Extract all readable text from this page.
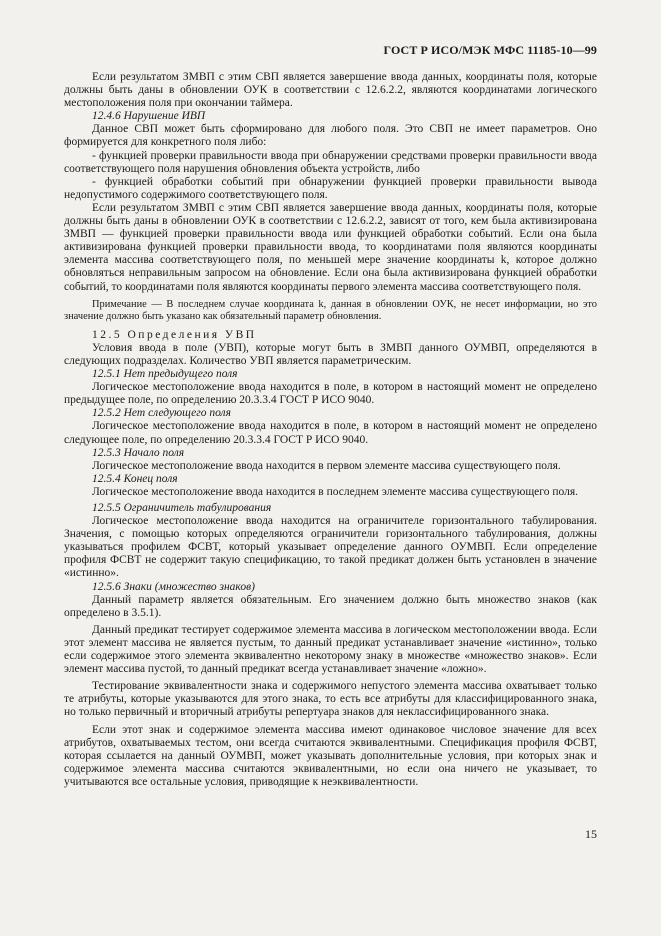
ГОСТ Р ИСО/МЭК МФС 11185-10—99

Если результатом ЗМВП с этим СВП является завершение ввода данных, координаты поля, которые должны быть даны в обновлении ОУК в соответствии с 12.6.2.2, являются координатами логического местоположения поля при окончании таймера.

12.4.6 Нарушение ИВП

Данное СВП может быть сформировано для любого поля. Это СВП не имеет параметров. Оно формируется для конкретного поля либо:

- функцией проверки правильности ввода при обнаружении средствами проверки правильности ввода соответствующего поля нарушения обновления объекта устройств, либо

- функцией обработки событий при обнаружении функцией проверки правильности вывода недопустимого содержимого соответствующего поля.

Если результатом ЗМВП с этим СВП является завершение ввода данных, координаты поля, которые должны быть даны в обновлении ОУК в соответствии с 12.6.2.2, зависят от того, кем была активизирована ЗМВП — функцией проверки правильности ввода или функцией обработки событий. Если она была активизирована функцией проверки правильности ввода, то координатами поля являются координаты элемента массива соответствующего поля, по меньшей мере значение координаты k, которое должно обновляться неправильным запросом на обновление. Если она была активизирована функцией обработки событий, то координатами поля являются координаты первого элемента массива соответствующего поля.

Примечание — В последнем случае координата k, данная в обновлении ОУК, не несет информации, но это значение должно быть указано как обязательный параметр обновления.

12.5 Определения УВП

Условия ввода в поле (УВП), которые могут быть в ЗМВП данного ОУМВП, определяются в следующих подразделах. Количество УВП является параметрическим.

12.5.1 Нет предыдущего поля

Логическое местоположение ввода находится в поле, в котором в настоящий момент не определено предыдущее поле, по определению 20.3.3.4 ГОСТ Р ИСО 9040.

12.5.2 Нет следующего поля

Логическое местоположение ввода находится в поле, в котором в настоящий момент не определено следующее поле, по определению 20.3.3.4 ГОСТ Р ИСО 9040.

12.5.3 Начало поля

Логическое местоположение ввода находится в первом элементе массива существующего поля.

12.5.4 Конец поля

Логическое местоположение ввода находится в последнем элементе массива существующего поля.

12.5.5 Ограничитель табулирования

Логическое местоположение ввода находится на ограничителе горизонтального табулирования. Значения, с помощью которых определяются ограничители горизонтального табулирования, должны указываться профилем ФСВТ, который указывает определение данного ОУМВП. Если определение профиля ФСВТ не содержит такую спецификацию, то такой предикат должен быть установлен в значение «истинно».

12.5.6 Знаки (множество знаков)

Данный параметр является обязательным. Его значением должно быть множество знаков (как определено в 3.5.1).

Данный предикат тестирует содержимое элемента массива в логическом местоположении ввода. Если этот элемент массива не является пустым, то данный предикат устанавливает значение «истинно», только если содержимое этого элемента эквивалентно некоторому знаку в множестве «множество знаков». Если элемент массива пустой, то данный предикат всегда устанавливает значение «ложно».

Тестирование эквивалентности знака и содержимого непустого элемента массива охватывает только те атрибуты, которые указываются для этого знака, то есть все атрибуты для классифицированного знака, но только первичный и вторичный атрибуты репертуара знаков для неклассифицированного знака.

Если этот знак и содержимое элемента массива имеют одинаковое числовое значение для всех атрибутов, охватываемых тестом, они всегда считаются эквивалентными. Спецификация профиля ФСВТ, которая ссылается на данный ОУМВП, может указывать дополнительные условия, при которых знак и содержимое элемента массива считаются эквивалентными, но если она ничего не указывает, то учитываются все остальные условия, приводящие к неэквивалентности.

15
